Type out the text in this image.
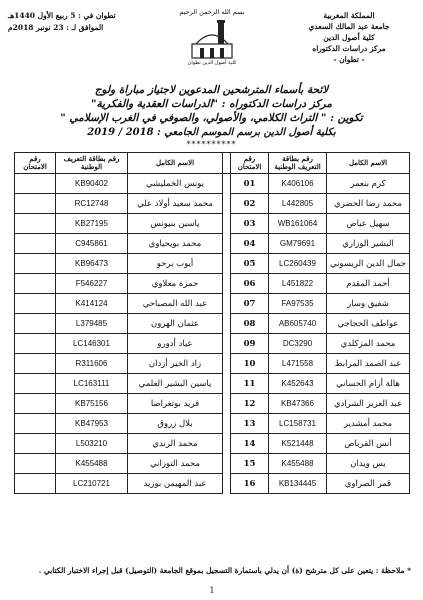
المملكة المغربية
جامعة عبد المالك السعدي
كلية أصول الدين
مركز دراسات الدكتوراه
- تطوان -
تطوان في : 5 ربيع الأول 1440هـ
الموافق لـ : 23 نونبر 2018م
بسم الله الرحمن الرحيم
كلية أصول الدين تطوان
لائحة بأسماء المترشحين المدعوين لاجتياز مباراة ولوج
مركز دراسات الدكتوراه : "الدراسات العقدية والفكرية"
تكوين : " التراث الكلامي، والأصولي، والصوفي في الغرب الإسلامي "
بكلية أصول الدين برسم الموسم الجامعي : 2018 / 2019
**********
رقم الامتحان	رقم بطاقة التعريف الوطنية	الاسم الكامل		رقم الامتحان	رقم بطاقة التعريف الوطنية	الاسم الكامل
	KB90402	يونس الخمليشي		01	K406106	كرم بنعمر
	RC12748	محمد سعيد أولاد علي		02	L442805	محمد رضا الحضري
	KB27195	ياسين بنيونس		03	WB161064	سهيل عياض
	C945861	محمد بويحياوي		04	GM79691	البشير الوزاري
	KB96473	أيوب برحو		05	LC260439	جمال الدين الريسوني
	F546227	حمزة معلاوي		06	L451822	أحمد المقدم
	K414124	عبد الله المصباحي		07	FA97535	شفيق وسار
	L379485	عثمان الهرون		08	AB605740	عواطف الحجاجي
	LC146301	عياد أدورو		09	DC3290	محمد المزكلدي
	R311606	زاد الخير أزدان		10	L471558	عبد الصمد المرابط
	LC163111	ياسين البشير العلمي		11	K452643	هالة أزام الحساني
	KB75156	فريد بوتغراصا		12	KB47366	عبد العزيز الشرادي
	KB47953	بلال زروق		13	LC158731	محمد أمشدير
	L503210	محمد الرندي		14	K521448	أنس القرباص
	K455488	محمد التوزاني		15	K455488	يس ويدان
	LC210721	عبد المهيمن بوزيد		16	KB134445	قمر الصراوي
* ملاحظة : يتعين على كل مترشح (ة) أن يدلي باستمارة التسجيل بموقع الجامعة (التوصيل) قبل إجراء الاختبار الكتابي .
1
